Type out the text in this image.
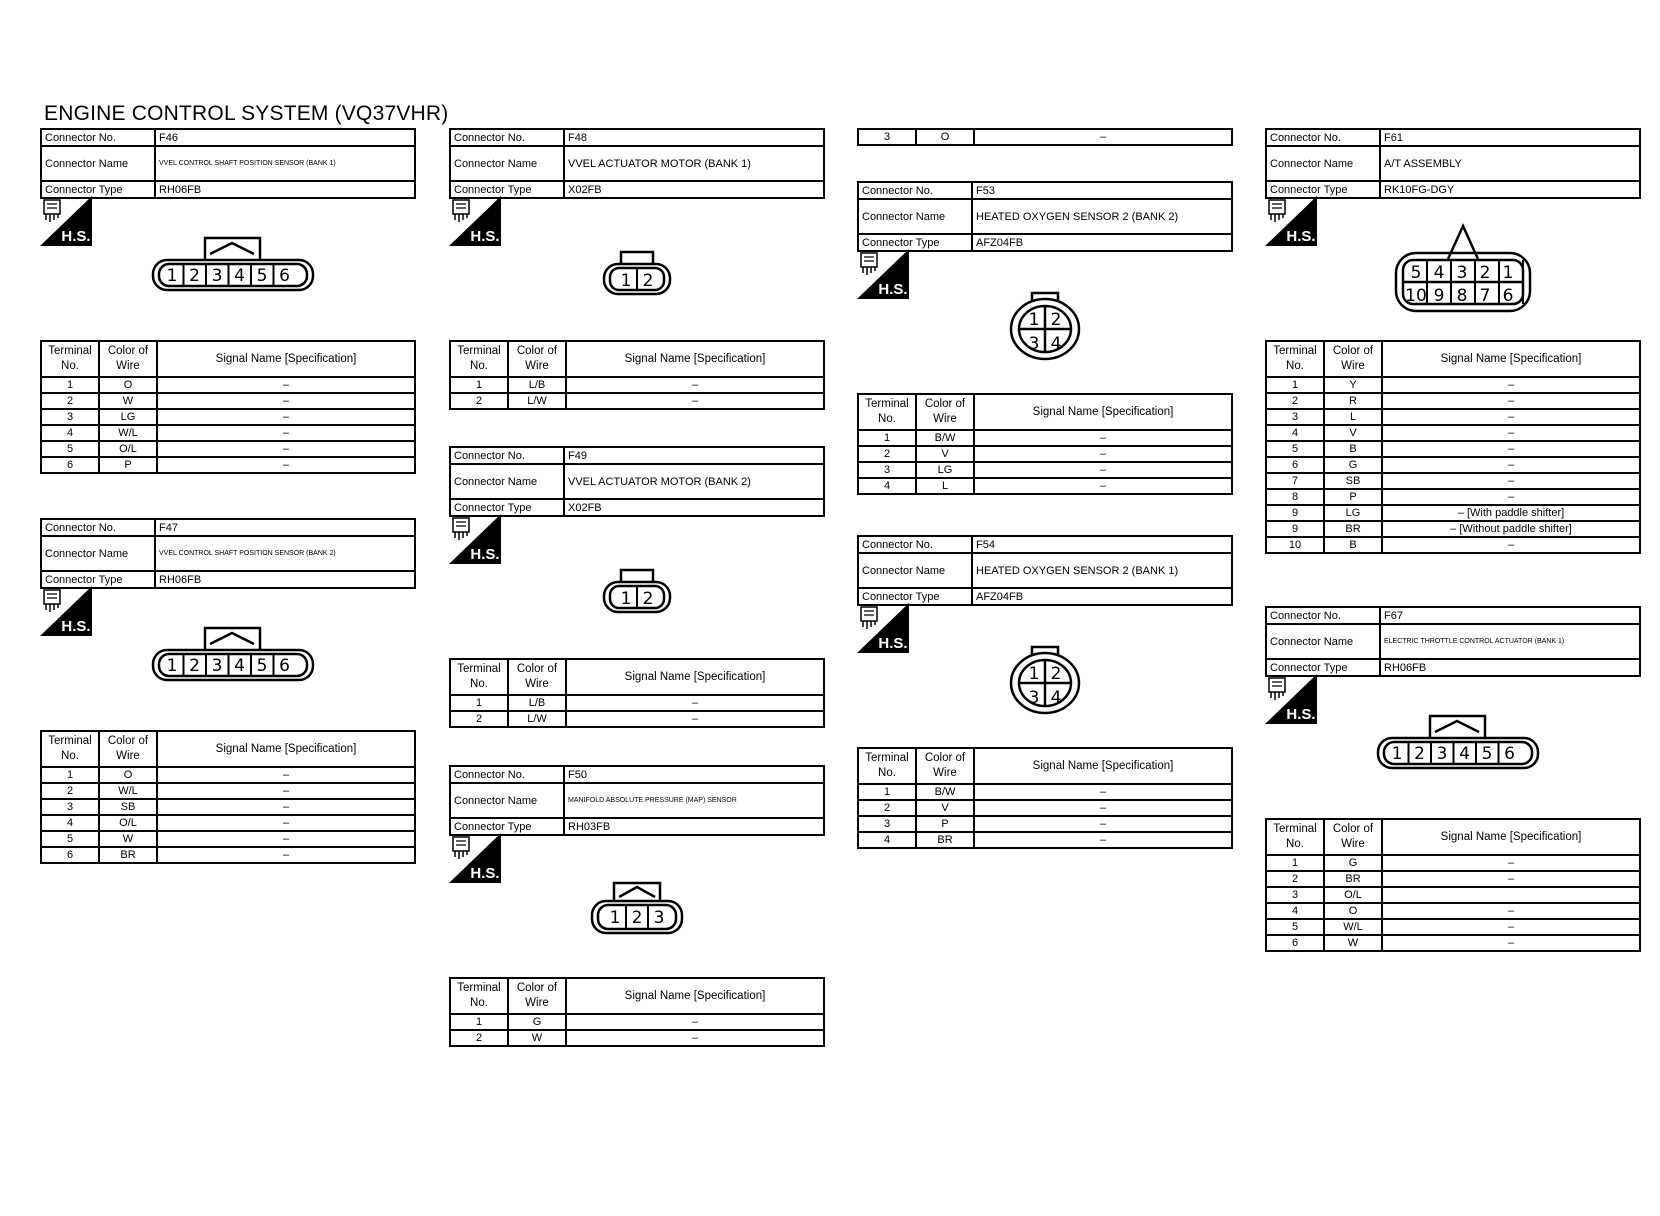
ENGINE CONTROL SYSTEM (VQ37VHR)
Connector No.	F46
Connector Name	VVEL CONTROL SHAFT POSITION SENSOR (BANK 1)
Connector Type	RH06FB
H.S.
1 2 3 4 5 6
Terminal No.	Color of Wire	Signal Name [Specification]
1	O	–
2	W	–
3	LG	–
4	W/L	–
5	O/L	–
6	P	–
Connector No.	F47
Connector Name	VVEL CONTROL SHAFT POSITION SENSOR (BANK 2)
Connector Type	RH06FB
H.S.
1 2 3 4 5 6
Terminal No.	Color of Wire	Signal Name [Specification]
1	O	–
2	W/L	–
3	SB	–
4	O/L	–
5	W	–
6	BR	–
Connector No.	F48
Connector Name	VVEL ACTUATOR MOTOR (BANK 1)
Connector Type	X02FB
H.S.
1 2
Terminal No.	Color of Wire	Signal Name [Specification]
1	L/B	–
2	L/W	–
Connector No.	F49
Connector Name	VVEL ACTUATOR MOTOR (BANK 2)
Connector Type	X02FB
H.S.
1 2
Terminal No.	Color of Wire	Signal Name [Specification]
1	L/B	–
2	L/W	–
Connector No.	F50
Connector Name	MANIFOLD ABSOLUTE PRESSURE (MAP) SENSOR
Connector Type	RH03FB
H.S.
1 2 3
Terminal No.	Color of Wire	Signal Name [Specification]
1	G	–
2	W	–
3	O	–
Connector No.	F53
Connector Name	HEATED OXYGEN SENSOR 2 (BANK 2)
Connector Type	AFZ04FB
H.S.
1 2
3 4
Terminal No.	Color of Wire	Signal Name [Specification]
1	B/W	–
2	V	–
3	LG	–
4	L	–
Connector No.	F54
Connector Name	HEATED OXYGEN SENSOR 2 (BANK 1)
Connector Type	AFZ04FB
H.S.
1 2
3 4
Terminal No.	Color of Wire	Signal Name [Specification]
1	B/W	–
2	V	–
3	P	–
4	BR	–
Connector No.	F61
Connector Name	A/T ASSEMBLY
Connector Type	RK10FG-DGY
H.S.
5 4 3 2 1
10 9 8 7 6
Terminal No.	Color of Wire	Signal Name [Specification]
1	Y	–
2	R	–
3	L	–
4	V	–
5	B	–
6	G	–
7	SB	–
8	P	–
9	LG	– [With paddle shifter]
9	BR	– [Without paddle shifter]
10	B	–
Connector No.	F67
Connector Name	ELECTRIC THROTTLE CONTROL ACTUATOR (BANK 1)
Connector Type	RH06FB
H.S.
1 2 3 4 5 6
Terminal No.	Color of Wire	Signal Name [Specification]
1	G	–
2	BR	–
3	O/L	
4	O	–
5	W/L	–
6	W	–
